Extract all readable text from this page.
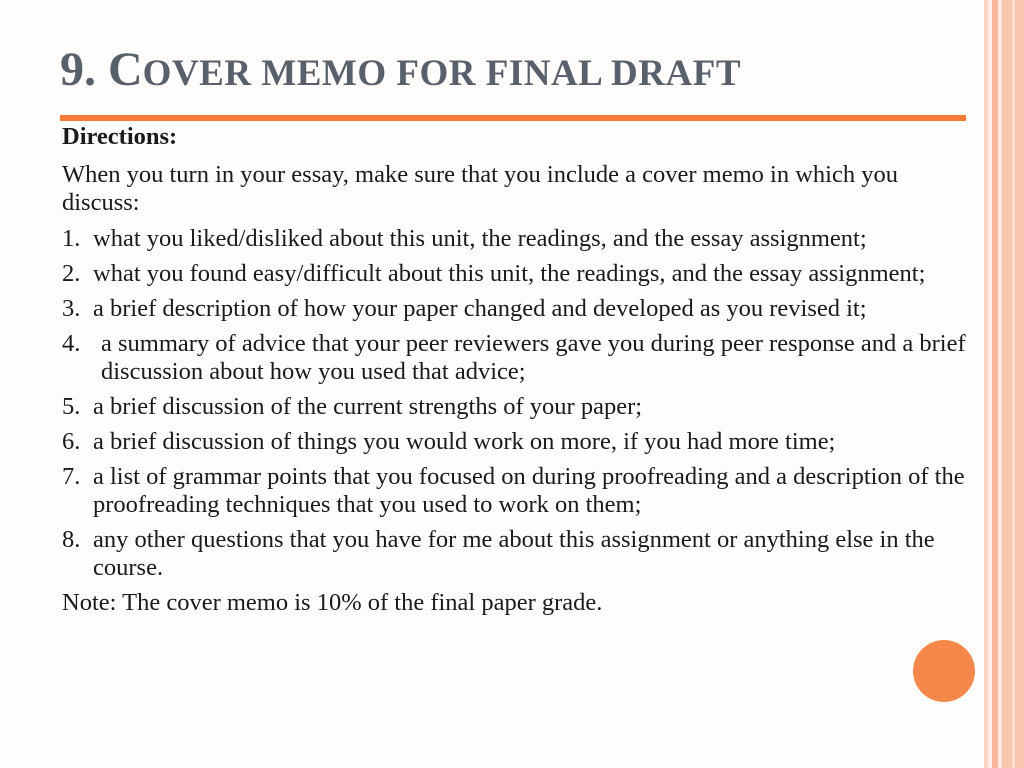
9. COVER MEMO FOR FINAL DRAFT
Directions:
When you turn in your essay, make sure that you include a cover memo in which you discuss:
1. what you liked/disliked about this unit, the readings, and the essay assignment;
2. what you found easy/difficult about this unit, the readings, and the essay assignment;
3. a brief description of how your paper changed and developed as you revised it;
4. a summary of advice that your peer reviewers gave you during peer response and a brief discussion about how you used that advice;
5. a brief discussion of the current strengths of your paper;
6. a brief discussion of things you would work on more, if you had more time;
7. a list of grammar points that you focused on during proofreading and a description of the proofreading techniques that you used to work on them;
8. any other questions that you have for me about this assignment or anything else in the course.
Note: The cover memo is 10% of the final paper grade.
